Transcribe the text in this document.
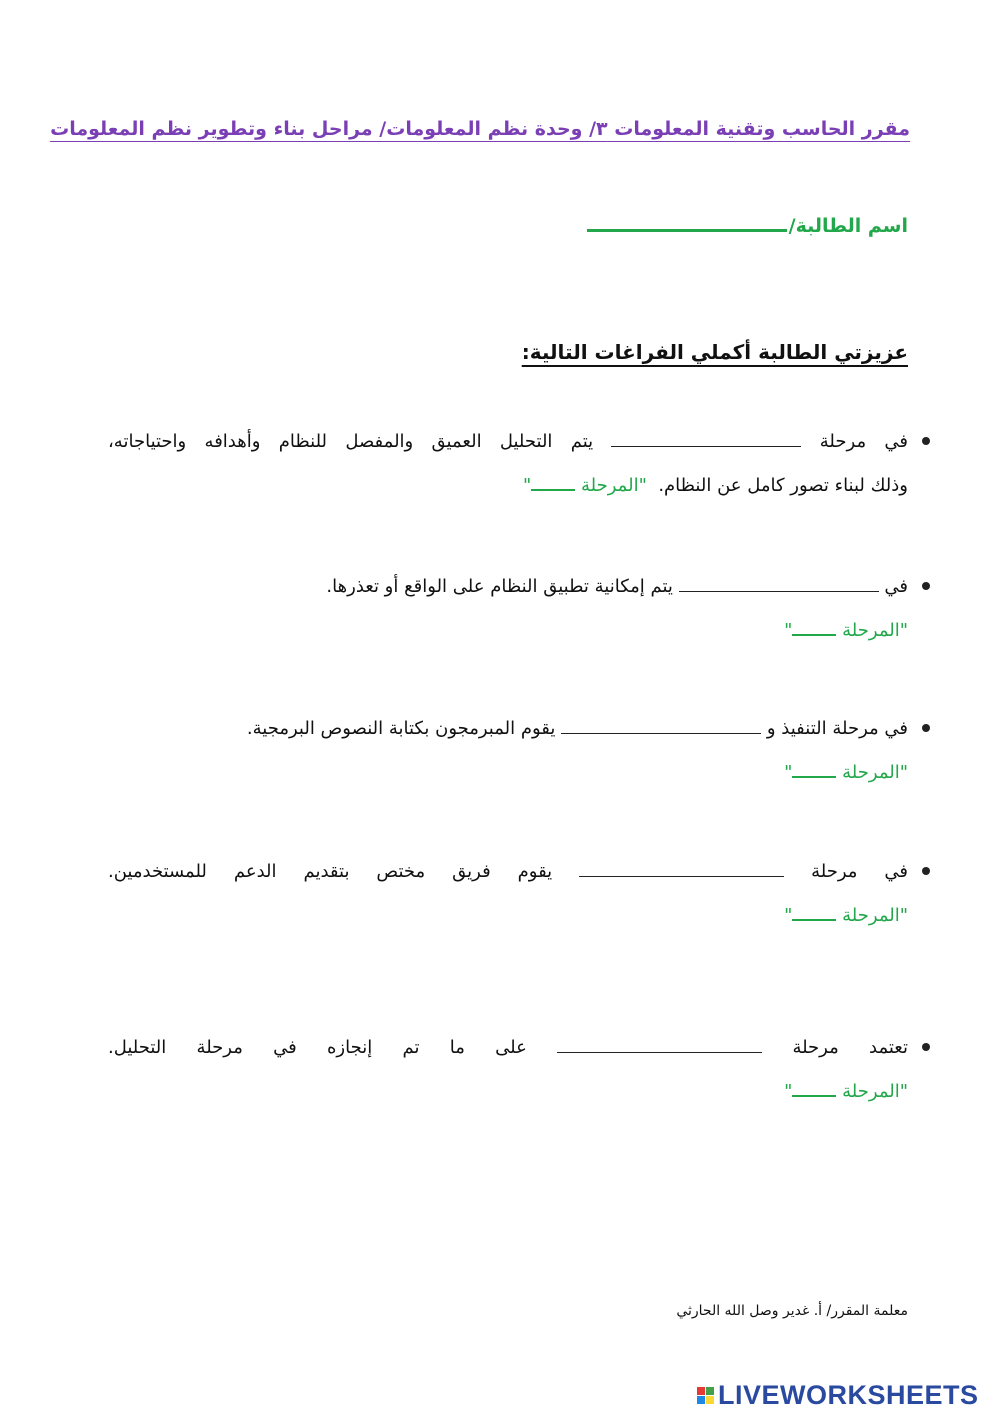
مقرر الحاسب وتقنية المعلومات ٣/ وحدة نظم المعلومات/ مراحل بناء وتطوير نظم المعلومات
اسم الطالبة/
عزيزتي الطالبة أكملي الفراغات التالية:
في مرحلة  يتم التحليل العميق والمفصل للنظام وأهدافه واحتياجاته،
وذلك لبناء تصور كامل عن النظام.  "المرحلة "
في  يتم إمكانية تطبيق النظام على الواقع أو تعذرها.
"المرحلة "
في مرحلة التنفيذ و  يقوم المبرمجون بكتابة النصوص البرمجية.
"المرحلة "
في مرحلة  يقوم فريق مختص بتقديم الدعم للمستخدمين.
"المرحلة "
تعتمد مرحلة  على ما تم إنجازه في مرحلة التحليل.
"المرحلة "
معلمة المقرر/ أ. غدير وصل الله الحارثي
LIVEWORKSHEETS
